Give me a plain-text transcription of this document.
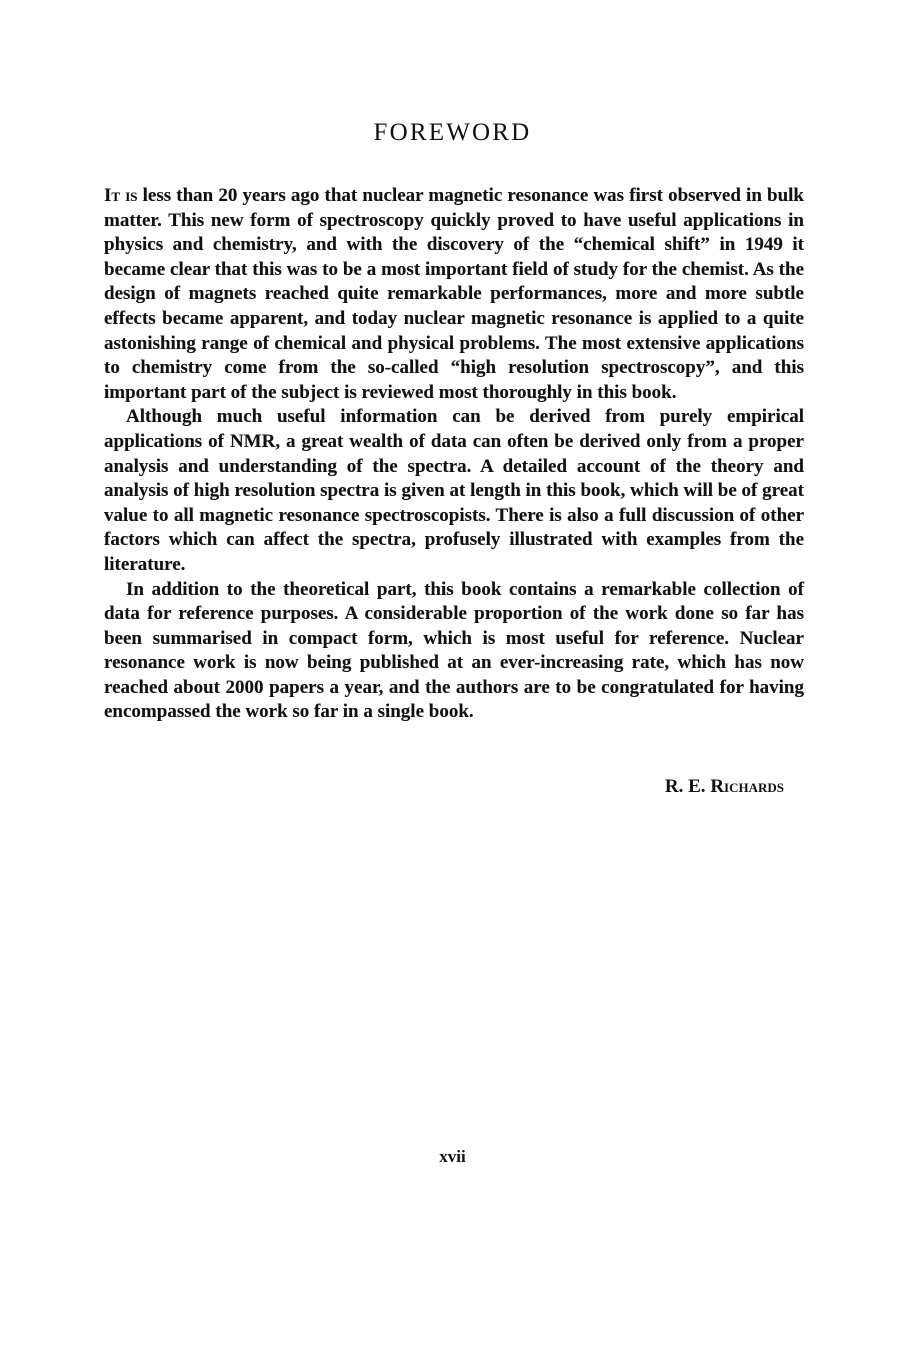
FOREWORD

It is less than 20 years ago that nuclear magnetic resonance was first observed in bulk matter. This new form of spectroscopy quickly proved to have useful applications in physics and chemistry, and with the discovery of the “chemical shift” in 1949 it became clear that this was to be a most important field of study for the chemist. As the design of magnets reached quite remarkable performances, more and more subtle effects became apparent, and today nuclear magnetic resonance is applied to a quite astonishing range of chemical and physical problems. The most extensive applications to chemistry come from the so-called “high resolution spectroscopy”, and this important part of the subject is reviewed most thoroughly in this book.

Although much useful information can be derived from purely empirical applications of NMR, a great wealth of data can often be derived only from a proper analysis and understanding of the spectra. A detailed account of the theory and analysis of high resolution spectra is given at length in this book, which will be of great value to all magnetic resonance spectroscopists. There is also a full discussion of other factors which can affect the spectra, profusely illustrated with examples from the literature.

In addition to the theoretical part, this book contains a remarkable collection of data for reference purposes. A considerable proportion of the work done so far has been summarised in compact form, which is most useful for reference. Nuclear resonance work is now being published at an ever-increasing rate, which has now reached about 2000 papers a year, and the authors are to be congratulated for having encompassed the work so far in a single book.

R. E. Richards
xvii
